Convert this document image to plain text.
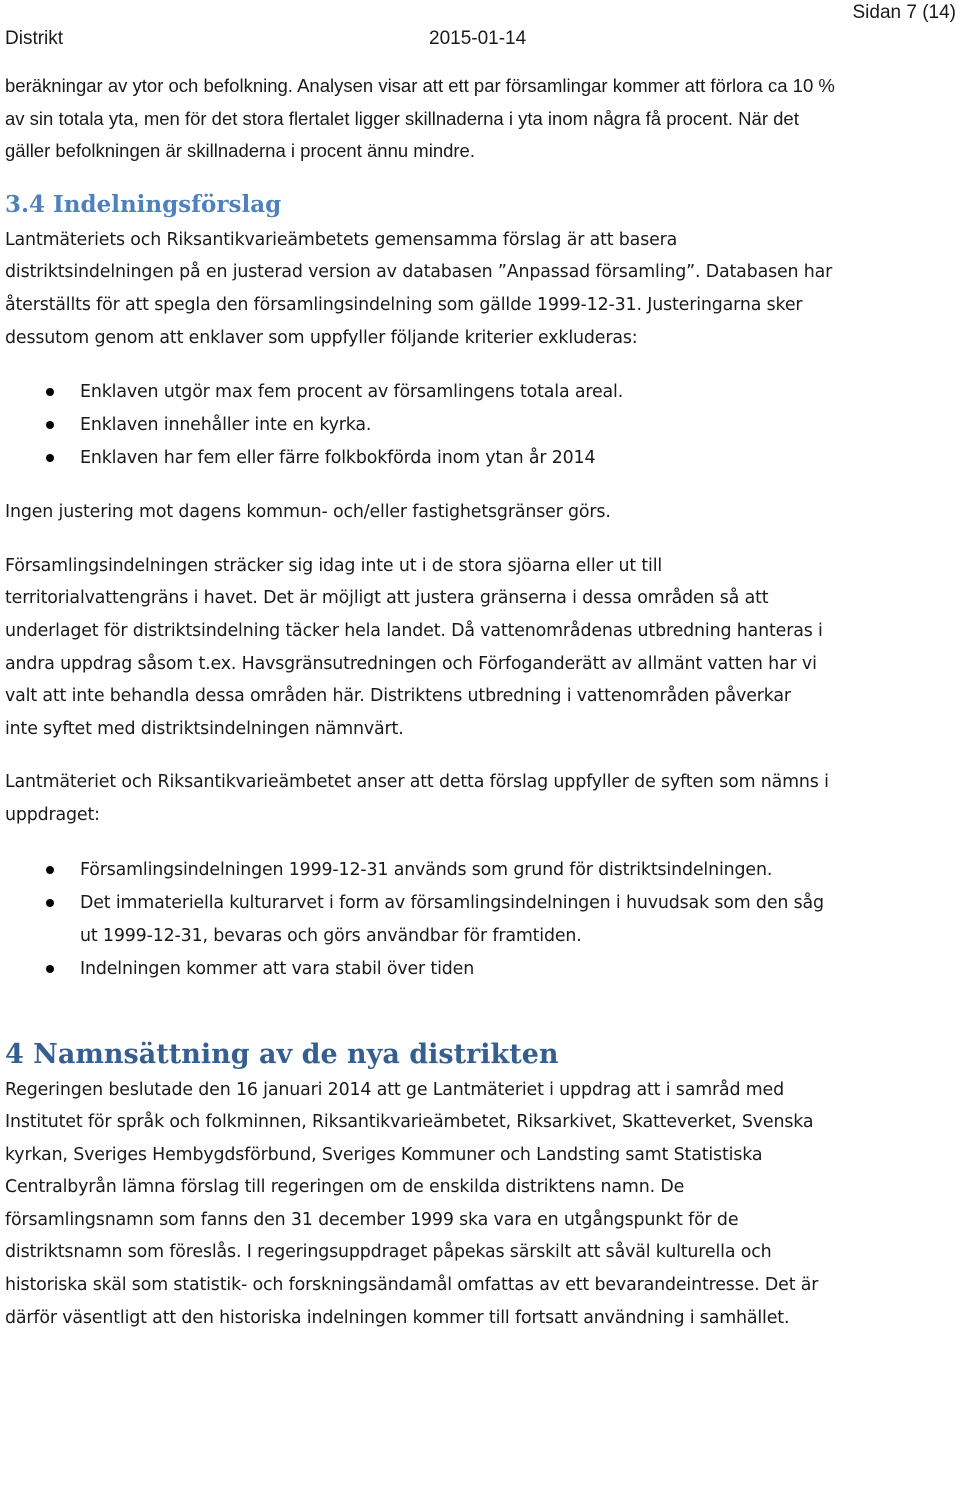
Sidan 7 (14)
Distrikt	2015-01-14

beräkningar av ytor och befolkning. Analysen visar att ett par församlingar kommer att förlora ca 10 % av sin totala yta, men för det stora flertalet ligger skillnaderna i yta inom några få procent. När det gäller befolkningen är skillnaderna i procent ännu mindre.

3.4 Indelningsförslag

Lantmäteriets och Riksantikvarieämbetets gemensamma förslag är att basera distriktsindelningen på en justerad version av databasen ”Anpassad församling”. Databasen har återställts för att spegla den församlingsindelning som gällde 1999-12-31. Justeringarna sker dessutom genom att enklaver som uppfyller följande kriterier exkluderas:

Enklaven utgör max fem procent av församlingens totala areal.
Enklaven innehåller inte en kyrka.
Enklaven har fem eller färre folkbokförda inom ytan år 2014

Ingen justering mot dagens kommun- och/eller fastighetsgränser görs.

Församlingsindelningen sträcker sig idag inte ut i de stora sjöarna eller ut till territorialvattengräns i havet. Det är möjligt att justera gränserna i dessa områden så att underlaget för distriktsindelning täcker hela landet. Då vattenområdenas utbredning hanteras i andra uppdrag såsom t.ex. Havsgränsutredningen och Förfoganderätt av allmänt vatten har vi valt att inte behandla dessa områden här. Distriktens utbredning i vattenområden påverkar inte syftet med distriktsindelningen nämnvärt.

Lantmäteriet och Riksantikvarieämbetet anser att detta förslag uppfyller de syften som nämns i uppdraget:

Församlingsindelningen 1999-12-31 används som grund för distriktsindelningen.
Det immateriella kulturarvet i form av församlingsindelningen i huvudsak som den såg ut 1999-12-31, bevaras och görs användbar för framtiden.
Indelningen kommer att vara stabil över tiden
4 Namnsättning av de nya distrikten

Regeringen beslutade den 16 januari 2014 att ge Lantmäteriet i uppdrag att i samråd med Institutet för språk och folkminnen, Riksantikvarieämbetet, Riksarkivet, Skatteverket, Svenska kyrkan, Sveriges Hembygdsförbund, Sveriges Kommuner och Landsting samt Statistiska Centralbyrån lämna förslag till regeringen om de enskilda distriktens namn. De församlingsnamn som fanns den 31 december 1999 ska vara en utgångspunkt för de distriktsnamn som föreslås. I regeringsuppdraget påpekas särskilt att såväl kulturella och historiska skäl som statistik- och forskningsändamål omfattas av ett bevarandeintresse. Det är därför väsentligt att den historiska indelningen kommer till fortsatt användning i samhället.
